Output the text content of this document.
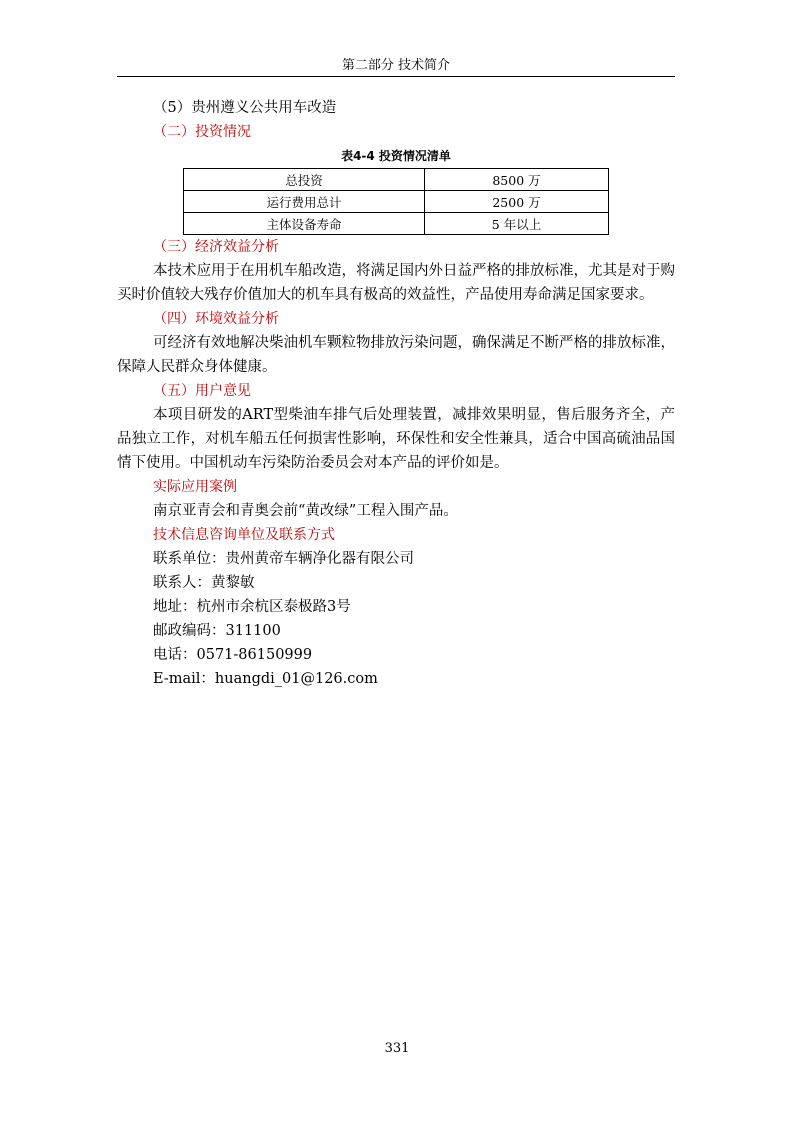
第二部分 技术简介

（5）贵州遵义公共用车改造

（二）投资情况

表4-4 投资情况清单

总投资	8500 万
运行费用总计	2500 万
主体设备寿命	5 年以上

（三）经济效益分析

本技术应用于在用机车船改造，将满足国内外日益严格的排放标准，尤其是对于购买时价值较大残存价值加大的机车具有极高的效益性，产品使用寿命满足国家要求。

（四）环境效益分析

可经济有效地解决柴油机车颗粒物排放污染问题，确保满足不断严格的排放标准，保障人民群众身体健康。

（五）用户意见

本项目研发的ART型柴油车排气后处理装置，减排效果明显，售后服务齐全，产品独立工作，对机车船五任何损害性影响，环保性和安全性兼具，适合中国高硫油品国情下使用。中国机动车污染防治委员会对本产品的评价如是。

实际应用案例

南京亚青会和青奥会前“黄改绿”工程入围产品。

技术信息咨询单位及联系方式

联系单位：贵州黄帝车辆净化器有限公司

联系人：黄黎敏

地址：杭州市余杭区泰极路3号

邮政编码：311100

电话：0571-86150999

E-mail：huangdi_01@126.com

331
